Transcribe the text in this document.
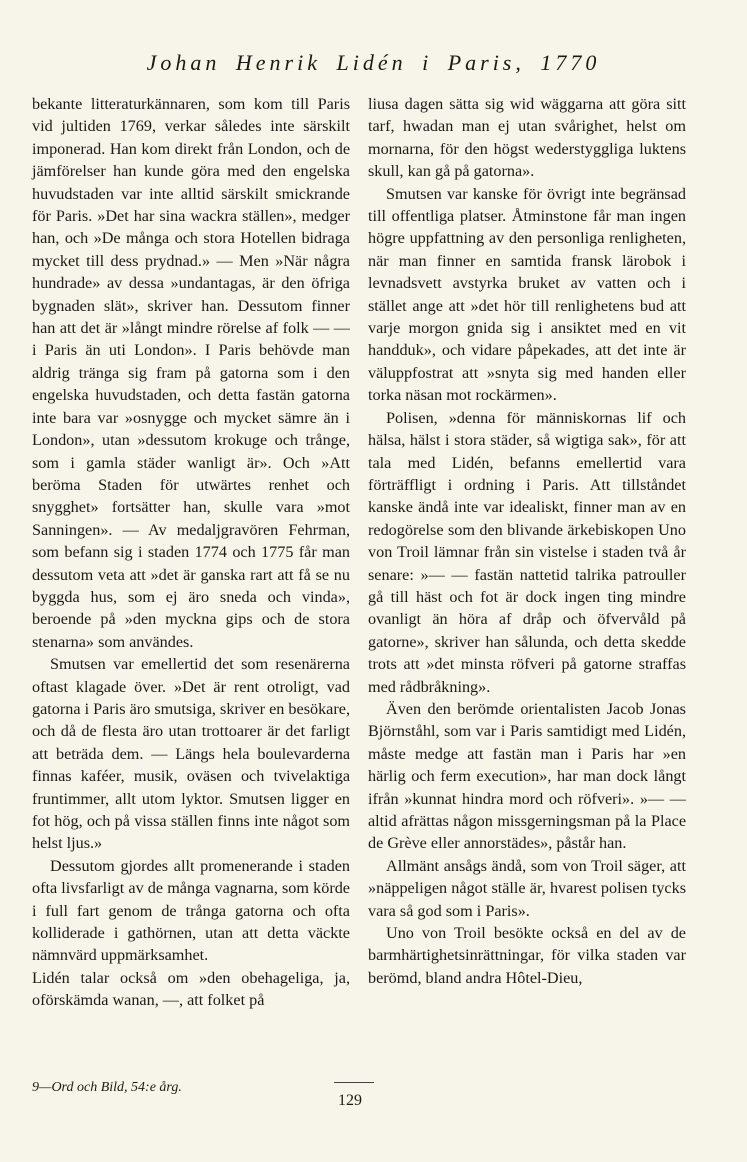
Johan Henrik Lidén i Paris, 1770

bekante litteraturkännaren, som kom till Paris vid jultiden 1769, verkar således inte särskilt imponerad. Han kom direkt från London, och de jämförelser han kunde göra med den engelska huvudstaden var inte alltid särskilt smickrande för Paris. »Det har sina wackra ställen», medger han, och »De många och stora Hotellen bidraga mycket till dess prydnad.» — Men »När några hundrade» av dessa »undantagas, är den öfriga bygnaden slät», skriver han. Dessutom finner han att det är »långt mindre rörelse af folk — — i Paris än uti London». I Paris behövde man aldrig tränga sig fram på gatorna som i den engelska huvudstaden, och detta fastän gatorna inte bara var »osnygge och mycket sämre än i London», utan »dessutom krokuge och trånge, som i gamla städer wanligt är». Och »Att beröma Staden för utwärtes renhet och snygghet» fortsätter han, skulle vara »mot Sanningen». — Av medaljgravören Fehrman, som befann sig i staden 1774 och 1775 får man dessutom veta att »det är ganska rart att få se nu byggda hus, som ej äro sneda och vinda», beroende på »den myckna gips och de stora stenarna» som användes.

Smutsen var emellertid det som resenärerna oftast klagade över. »Det är rent otroligt, vad gatorna i Paris äro smutsiga, skriver en besökare, och då de flesta äro utan trottoarer är det farligt att beträda dem. — Längs hela boulevarderna finnas kaféer, musik, oväsen och tvivelaktiga fruntimmer, allt utom lyktor. Smutsen ligger en fot hög, och på vissa ställen finns inte något som helst ljus.»

Dessutom gjordes allt promenerande i staden ofta livsfarligt av de många vagnarna, som körde i full fart genom de trånga gatorna och ofta kolliderade i gathörnen, utan att detta väckte nämnvärd uppmärksamhet.

Lidén talar också om »den obehageliga, ja, oförskämda wanan, —, att folket på

liusa dagen sätta sig wid wäggarna att göra sitt tarf, hwadan man ej utan svårighet, helst om mornarna, för den högst wederstyggliga luktens skull, kan gå på gatorna».

Smutsen var kanske för övrigt inte begränsad till offentliga platser. Åtminstone får man ingen högre uppfattning av den personliga renligheten, när man finner en samtida fransk lärobok i levnadsvett avstyrka bruket av vatten och i stället ange att »det hör till renlighetens bud att varje morgon gnida sig i ansiktet med en vit handduk», och vidare påpekades, att det inte är väluppfostrat att »snyta sig med handen eller torka näsan mot rockärmen».

Polisen, »denna för människornas lif och hälsa, hälst i stora städer, så wigtiga sak», för att tala med Lidén, befanns emellertid vara förträffligt i ordning i Paris. Att tillståndet kanske ändå inte var idealiskt, finner man av en redogörelse som den blivande ärkebiskopen Uno von Troil lämnar från sin vistelse i staden två år senare: »— — fastän nattetid talrika patrouller gå till häst och fot är dock ingen ting mindre ovanligt än höra af dråp och öfvervåld på gatorne», skriver han sålunda, och detta skedde trots att »det minsta röfveri på gatorne straffas med rådbråkning».

Även den berömde orientalisten Jacob Jonas Björnståhl, som var i Paris samtidigt med Lidén, måste medge att fastän man i Paris har »en härlig och ferm execution», har man dock långt ifrån »kunnat hindra mord och röfveri». »— — altid afrättas någon missgerningsman på la Place de Grève eller annorstädes», påstår han.

Allmänt ansågs ändå, som von Troil säger, att »näppeligen något ställe är, hvarest polisen tycks vara så god som i Paris».

Uno von Troil besökte också en del av de barmhärtighetsinrättningar, för vilka staden var berömd, bland andra Hôtel-Dieu,

9—Ord och Bild, 54:e årg.
129
